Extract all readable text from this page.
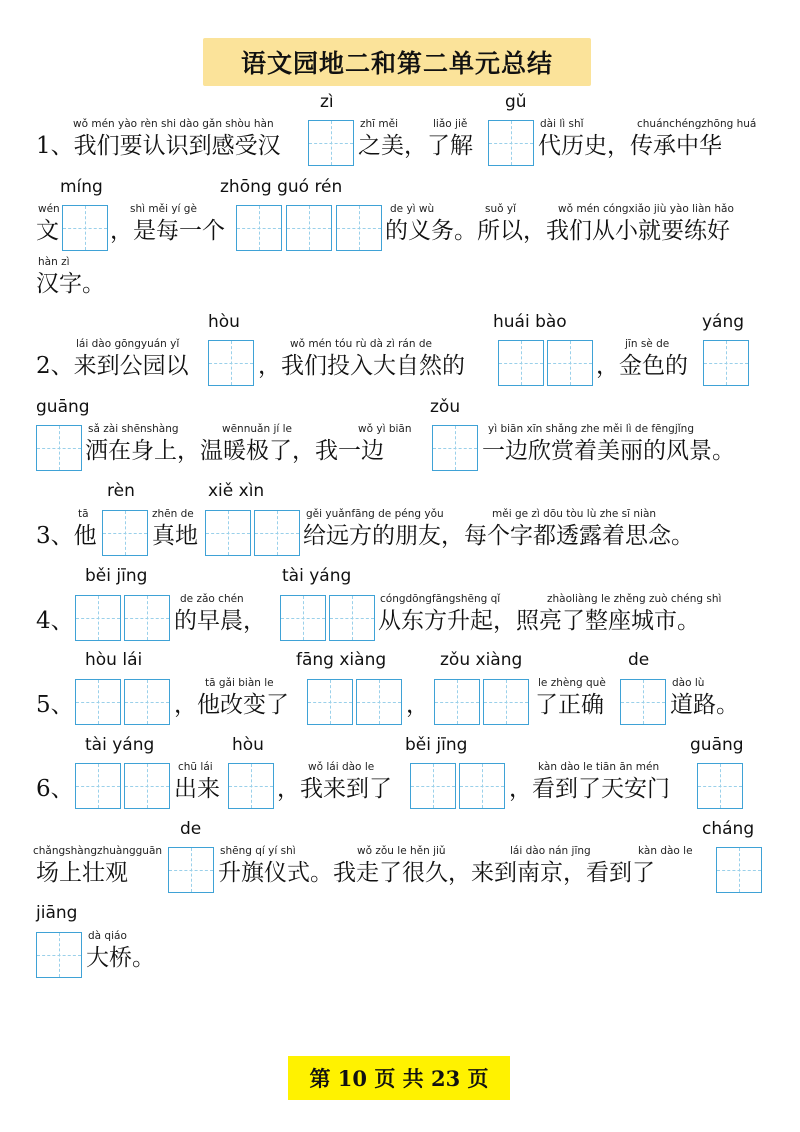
语文园地二和第二单元总结
zì	gǔ
wǒ mén yào rèn shi dào gǎn shòu hàn	zhī měi	liǎo jiě	dài lì shǐ	chuánchéngzhōng huá
1、我们要认识到感受汉	之美，了解	代历史，传承中华
míng	zhōng guó rén
wén	shì měi yí gè	de yì wù	suǒ yǐ	wǒ mén cóngxiǎo jiù yào liàn hǎo
文 ，是每一个	的义务。所以，我们从小就要练好
hàn zì
汉字。
hòu	huái bào	yáng
lái dào gōngyuán yǐ	wǒ mén tóu rù dà zì rán de	jīn sè de
2、来到公园以	，我们投入大自然的	，金色的
guāng	zǒu
sǎ zài shēnshàng	wēnnuǎn jí le	wǒ yì biān	yì biān xīn shǎng zhe měi lì de fēngjǐng
洒在身上，温暖极了，我一边	一边欣赏着美丽的风景。
rèn	xiě xìn
tā	zhēn de	gěi yuǎnfāng de péng yǒu	měi ge zì dōu tòu lù zhe sī niàn
3、他 真地	给远方的朋友，每个字都透露着思念。
běi jīng	tài yáng
de zǎo chén	cóngdōngfāngshēng qǐ	zhàoliàng le zhěng zuò chéng shì
4、	的早晨，	从东方升起，照亮了整座城市。
hòu lái	fāng xiàng	zǒu xiàng	de
tā gǎi biàn le	le zhèng què	dào lù
5、	，他改变了	，	了正确	道路。
tài yáng	hòu	běi jīng	guāng
chū lái	wǒ lái dào le	kàn dào le tiān ān mén
6、	出来 ，我来到了	，看到了天安门
de	cháng
chǎngshàngzhuàngguān	shēng qí yí shì	wǒ zǒu le hěn jiǔ	lái dào nán jīng	kàn dào le
场上壮观	升旗仪式。我走了很久，来到南京，看到了
jiāng
dà qiáo
大桥。
第 10 页 共 23 页
